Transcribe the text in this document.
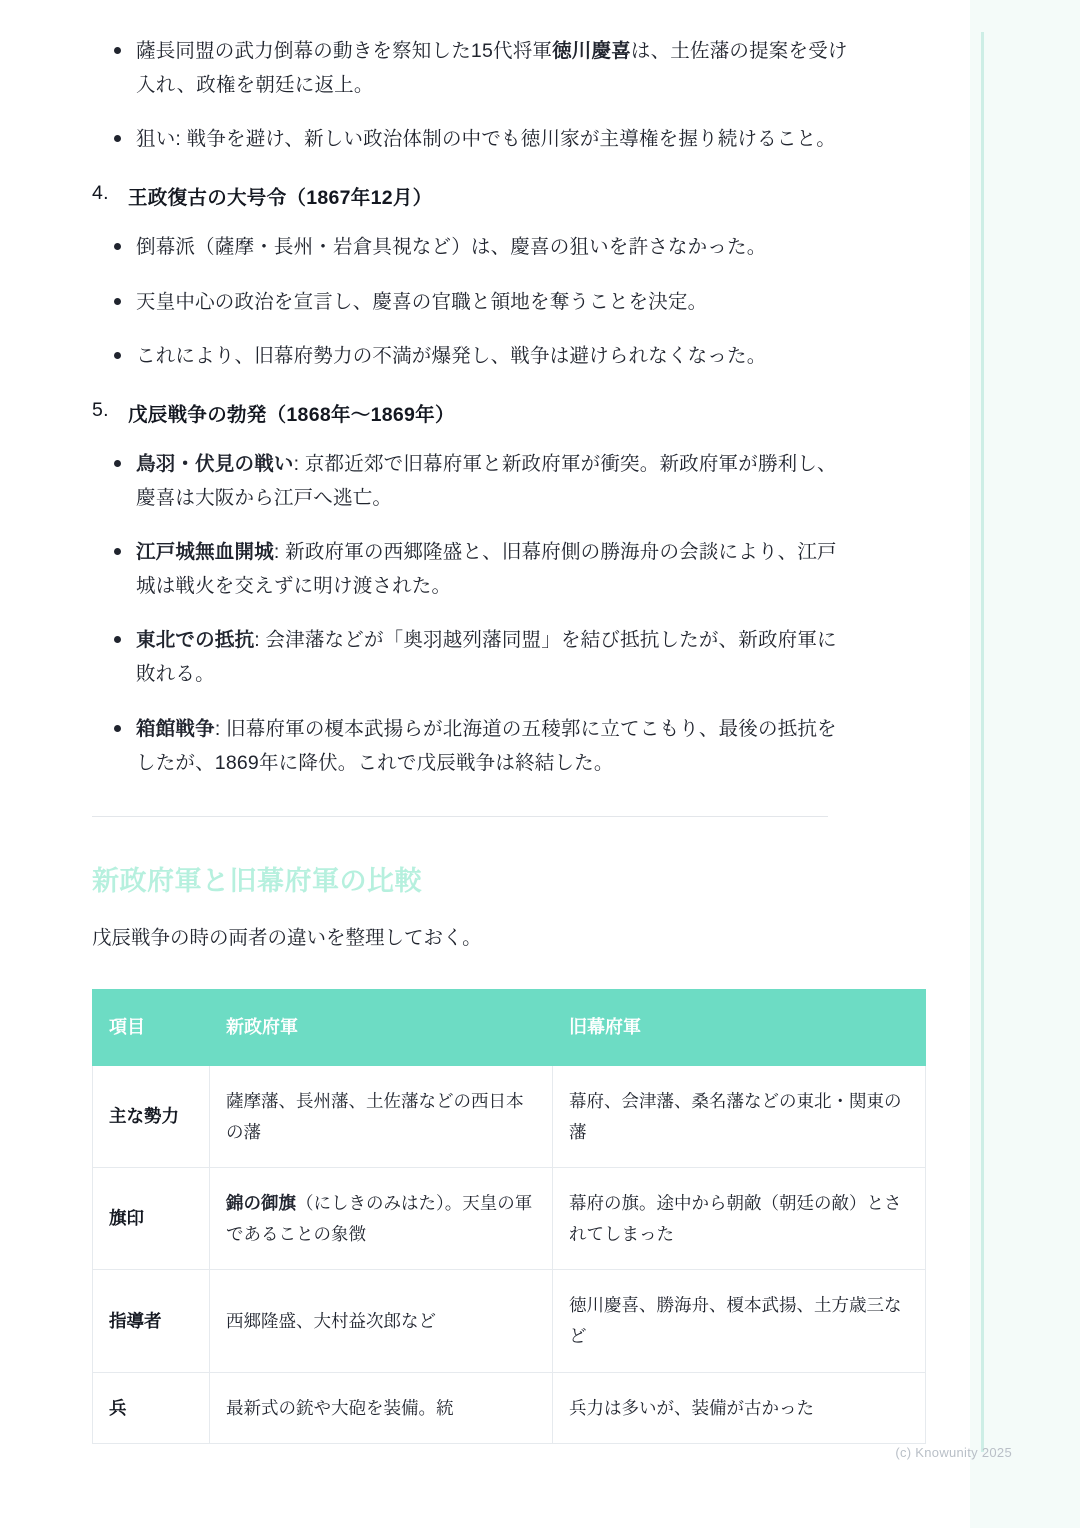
薩長同盟の武力倒幕の動きを察知した15代将軍徳川慶喜は、土佐藩の提案を受け入れ、政権を朝廷に返上。
狙い: 戦争を避け、新しい政治体制の中でも徳川家が主導権を握り続けること。
4. 王政復古の大号令（1867年12月）
倒幕派（薩摩・長州・岩倉具視など）は、慶喜の狙いを許さなかった。
天皇中心の政治を宣言し、慶喜の官職と領地を奪うことを決定。
これにより、旧幕府勢力の不満が爆発し、戦争は避けられなくなった。
5. 戊辰戦争の勃発（1868年〜1869年）
鳥羽・伏見の戦い: 京都近郊で旧幕府軍と新政府軍が衝突。新政府軍が勝利し、慶喜は大阪から江戸へ逃亡。
江戸城無血開城: 新政府軍の西郷隆盛と、旧幕府側の勝海舟の会談により、江戸城は戦火を交えずに明け渡された。
東北での抵抗: 会津藩などが「奥羽越列藩同盟」を結び抵抗したが、新政府軍に敗れる。
箱館戦争: 旧幕府軍の榎本武揚らが北海道の五稜郭に立てこもり、最後の抵抗をしたが、1869年に降伏。これで戊辰戦争は終結した。
新政府軍と旧幕府軍の比較

戊辰戦争の時の両者の違いを整理しておく。

項目	新政府軍	旧幕府軍
主な勢力	薩摩藩、長州藩、土佐藩などの西日本の藩	幕府、会津藩、桑名藩などの東北・関東の藩
旗印	錦の御旗（にしきのみはた）。天皇の軍であることの象徴	幕府の旗。途中から朝敵（朝廷の敵）とされてしまった
指導者	西郷隆盛、大村益次郎など	徳川慶喜、勝海舟、榎本武揚、土方歳三など
兵	最新式の銃や大砲を装備。統	兵力は多いが、装備が古かった
(c) Knowunity 2025
